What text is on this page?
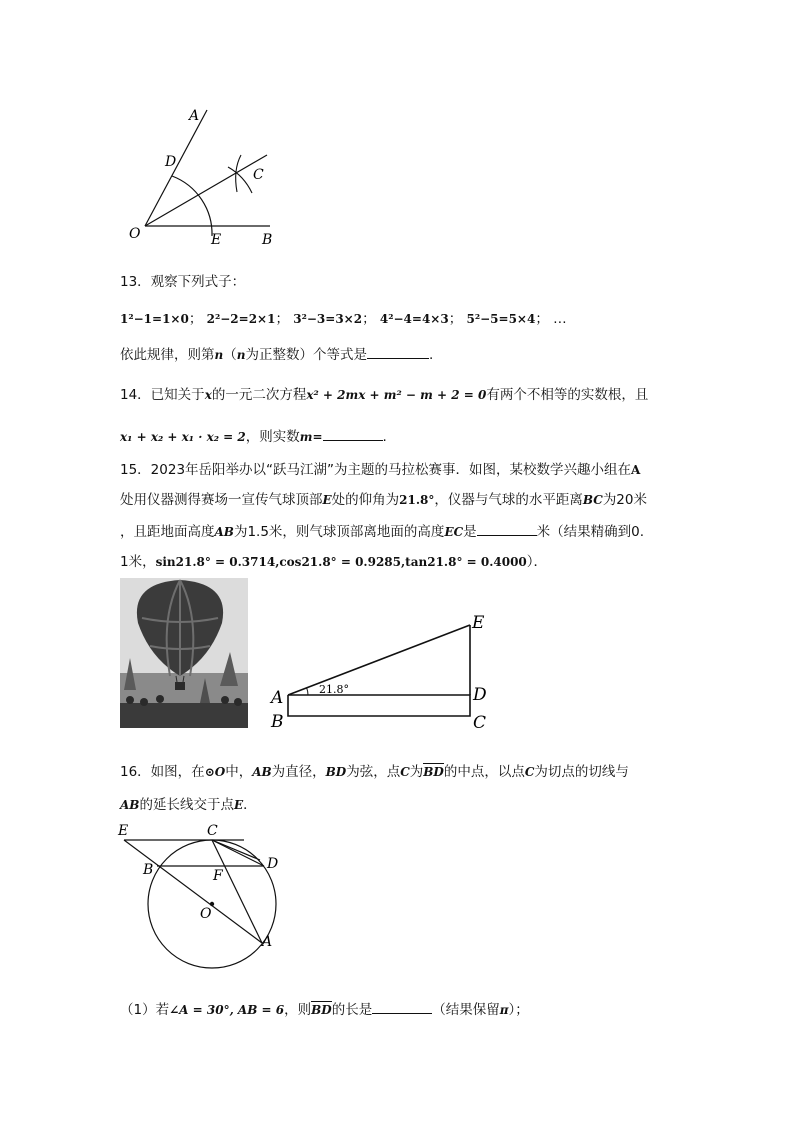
A
D
C
O	E	B
13．观察下列式子：
1²−1=1×0； 2²−2=2×1； 3²−3=3×2； 4²−4=4×3； 5²−5=5×4； …
依此规律，则第n（n为正整数）个等式是	.
14．已知关于x的一元二次方程x² + 2mx + m² − m + 2 = 0有两个不相等的实数根，且
x₁ + x₂ + x₁ · x₂ = 2，则实数m=	.
15．2023年岳阳举办以“跃马江湖”为主题的马拉松赛事．如图，某校数学兴趣小组在A
处用仪器测得赛场一宣传气球顶部E处的仰角为21.8°，仪器与气球的水平距离BC为20米
，且距地面高度AB为1.5米，则气球顶部离地面的高度EC是	米（结果精确到0.
1米，sin21.8° = 0.3714,cos21.8° = 0.9285,tan21.8° = 0.4000）．
21.8°
E
A	D
B	C
16．如图，在⊙O中，AB为直径，BD为弦，点C为BD的中点，以点C为切点的切线与
AB的延长线交于点E．
E	C
D
B	F
O
A
（1）若∠A = 30°, AB = 6，则BD的长是	（结果保留π）；
